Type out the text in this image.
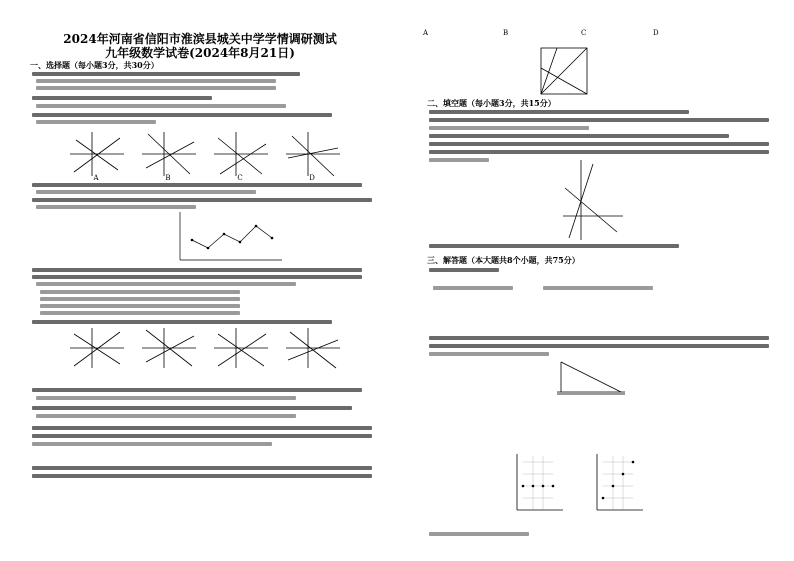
2024年河南省信阳市淮滨县城关中学学情调研测试
九年级数学试卷(2024年8月21日)
一、选择题（每小题3分，共30分）
A	B	C	D
A	B	C	D
二、填空题（每小题3分，共15分）
三、解答题（本大题共8个小题，共75分）
